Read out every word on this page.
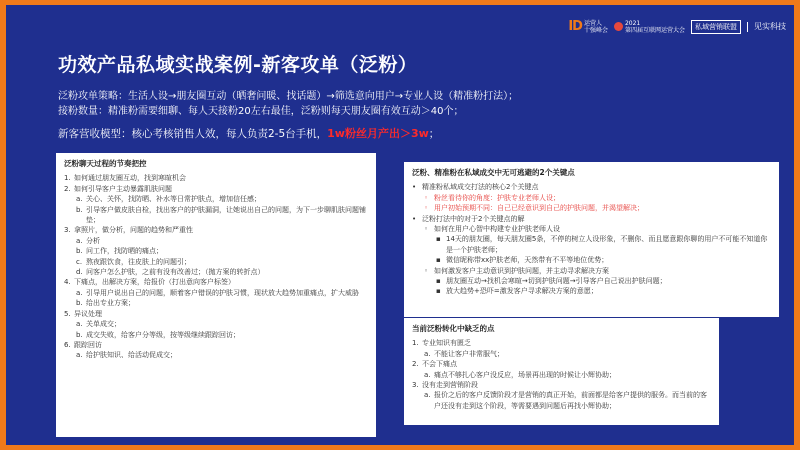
ID 运营人
十强峰会
2021
第四届互联网运营大会	私域营销联盟	见实科技
功效产品私域实战案例-新客攻单（泛粉）
泛粉攻单策略：生活人设→朋友圈互动（晒奢问暖、找话题）→筛选意向用户→专业人设（精准粉打法）；
接粉数量：精准粉需要细聊、每人天接粉20左右最佳，泛粉则每天朋友圈有效互动＞40个；
新客营收模型：核心考核销售人效，每人负责2-5台手机，1w粉丝月产出＞3w；
泛粉聊天过程的节奏把控
1. 如何通过朋友圈互动，找到寒暄机会
2. 如何引导客户主动暴露肌肤问题
a. 关心、关怀，找防晒、补水等日常护肤点，增加信任感；
b. 引导客户做皮肤自检，找出客户的护肤漏洞，让她说出自己的问题，为下一步聊肌肤问题铺垫；
3. 拿照片，做分析，问题的趋势和严重性
a. 分析
b. 问工作，找防晒的痛点；
c. 熬夜跟饮食，往皮肤上的问题引；
d. 问客户怎么护肤，之前有没有改善过；（抛方案的转折点）
4. 下痛点，出解决方案，给报价（打出意向客户标签）
a. 引导用户说出自己的问题，顺着客户错误的护肤习惯，现状放大趋势加重痛点，扩大威胁
b. 给出专业方案；
5. 异议处理
a. 关单成交；
b. 成交失败，给客户分等级，按等级继续跟踪回访；
6. 跟踪回访
a. 给护肤知识、给活动促成交；
泛粉、精准粉在私域成交中无可逃避的2个关键点
• 精准粉私域成交打法的核心2个关键点
◦ 粉丝看待你的角度：护肤专业老师人设；
◦ 用户初始预期不同：自己已经意识到自己的护肤问题，并渴望解决；
• 泛粉打法中的对于2个关键点的解
◦ 如何在用户心智中构建专业护肤老师人设
▪ 14天的朋友圈，每天朋友圈5条，不停的树立人设形象，不删你、而且愿意跟你聊的用户不可能不知道你是一个护肤老师；
▪ 微信昵称带xx护肤老师，天然带有不平等地位优势；
◦ 如何激发客户主动意识到护肤问题，并主动寻求解决方案
▪ 朋友圈互动→找机会寒暄→切到护肤问题→引导客户自己说出护肤问题；
▪ 放大趋势+恐吓=激发客户寻求解决方案的意愿；
当前泛粉转化中缺乏的点
1. 专业知识有匮乏
a. 不能让客户非常服气；
2. 不会下痛点
a. 痛点不够扎心客户没反应，场景再出现的时候让小辉协助；
3. 没有走到营销阶段
a. 报价之后的客户反馈阶段才是营销的真正开始，前面都是给客户提供的服务。而当前的客户还没有走到这个阶段，等需要遇到问题后再找小辉协助；
